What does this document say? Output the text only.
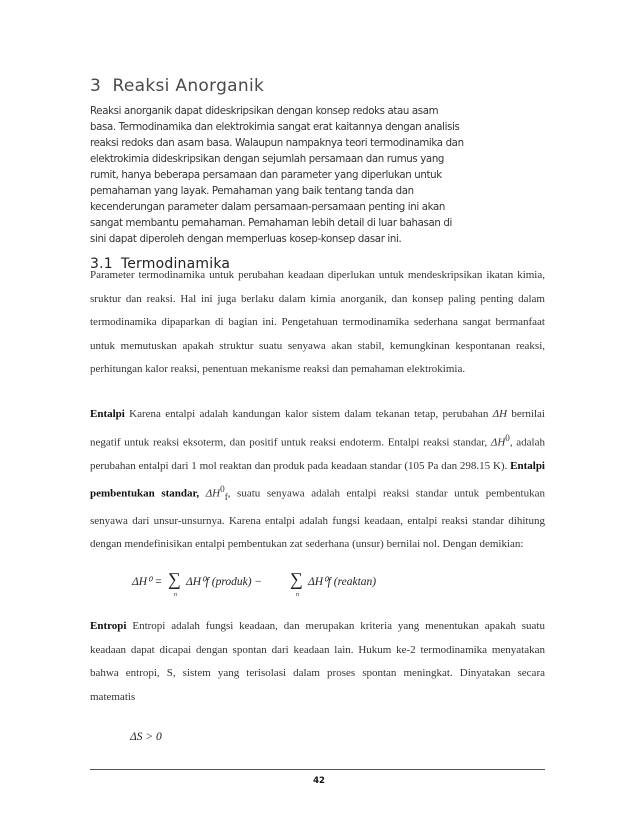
3 Reaksi Anorganik

Reaksi anorganik dapat dideskripsikan dengan konsep redoks atau asam basa. Termodinamika dan elektrokimia sangat erat kaitannya dengan analisis reaksi redoks dan asam basa. Walaupun nampaknya teori termodinamika dan elektrokimia dideskripsikan dengan sejumlah persamaan dan rumus yang rumit, hanya beberapa persamaan dan parameter yang diperlukan untuk pemahaman yang layak. Pemahaman yang baik tentang tanda dan kecenderungan parameter dalam persamaan-persamaan penting ini akan sangat membantu pemahaman. Pemahaman lebih detail di luar bahasan di sini dapat diperoleh dengan memperluas kosep-konsep dasar ini.

3.1 Termodinamika

Parameter termodinamika untuk perubahan keadaan diperlukan untuk mendeskripsikan ikatan kimia, sruktur dan reaksi. Hal ini juga berlaku dalam kimia anorganik, dan konsep paling penting dalam termodinamika dipaparkan di bagian ini. Pengetahuan termodinamika sederhana sangat bermanfaat untuk memutuskan apakah struktur suatu senyawa akan stabil, kemungkinan kespontanan reaksi, perhitungan kalor reaksi, penentuan mekanisme reaksi dan pemahaman elektrokimia.

Entalpi Karena entalpi adalah kandungan kalor sistem dalam tekanan tetap, perubahan ΔH bernilai negatif untuk reaksi eksoterm, dan positif untuk reaksi endoterm. Entalpi reaksi standar, $\Delta H^0$, adalah perubahan entalpi dari 1 mol reaktan dan produk pada keadaan standar (105 Pa dan 298.15 K). Entalpi pembentukan standar, $\Delta H^0_f$, suatu senyawa adalah entalpi reaksi standar untuk pembentukan senyawa dari unsur-unsurnya. Karena entalpi adalah fungsi keadaan, entalpi reaksi standar dihitung dengan mendefinisikan entalpi pembentukan zat sederhana (unsur) bernilai nol. Dengan demikian:

ΔH⁰ = ∑
n
ΔH⁰f (produk) − ∑
n
ΔH⁰f (reaktan)

Entropi Entropi adalah fungsi keadaan, dan merupakan kriteria yang menentukan apakah suatu keadaan dapat dicapai dengan spontan dari keadaan lain. Hukum ke-2 termodinamika menyatakan bahwa entropi, S, sistem yang terisolasi dalam proses spontan meningkat. Dinyatakan secara matematis

ΔS > 0
42
